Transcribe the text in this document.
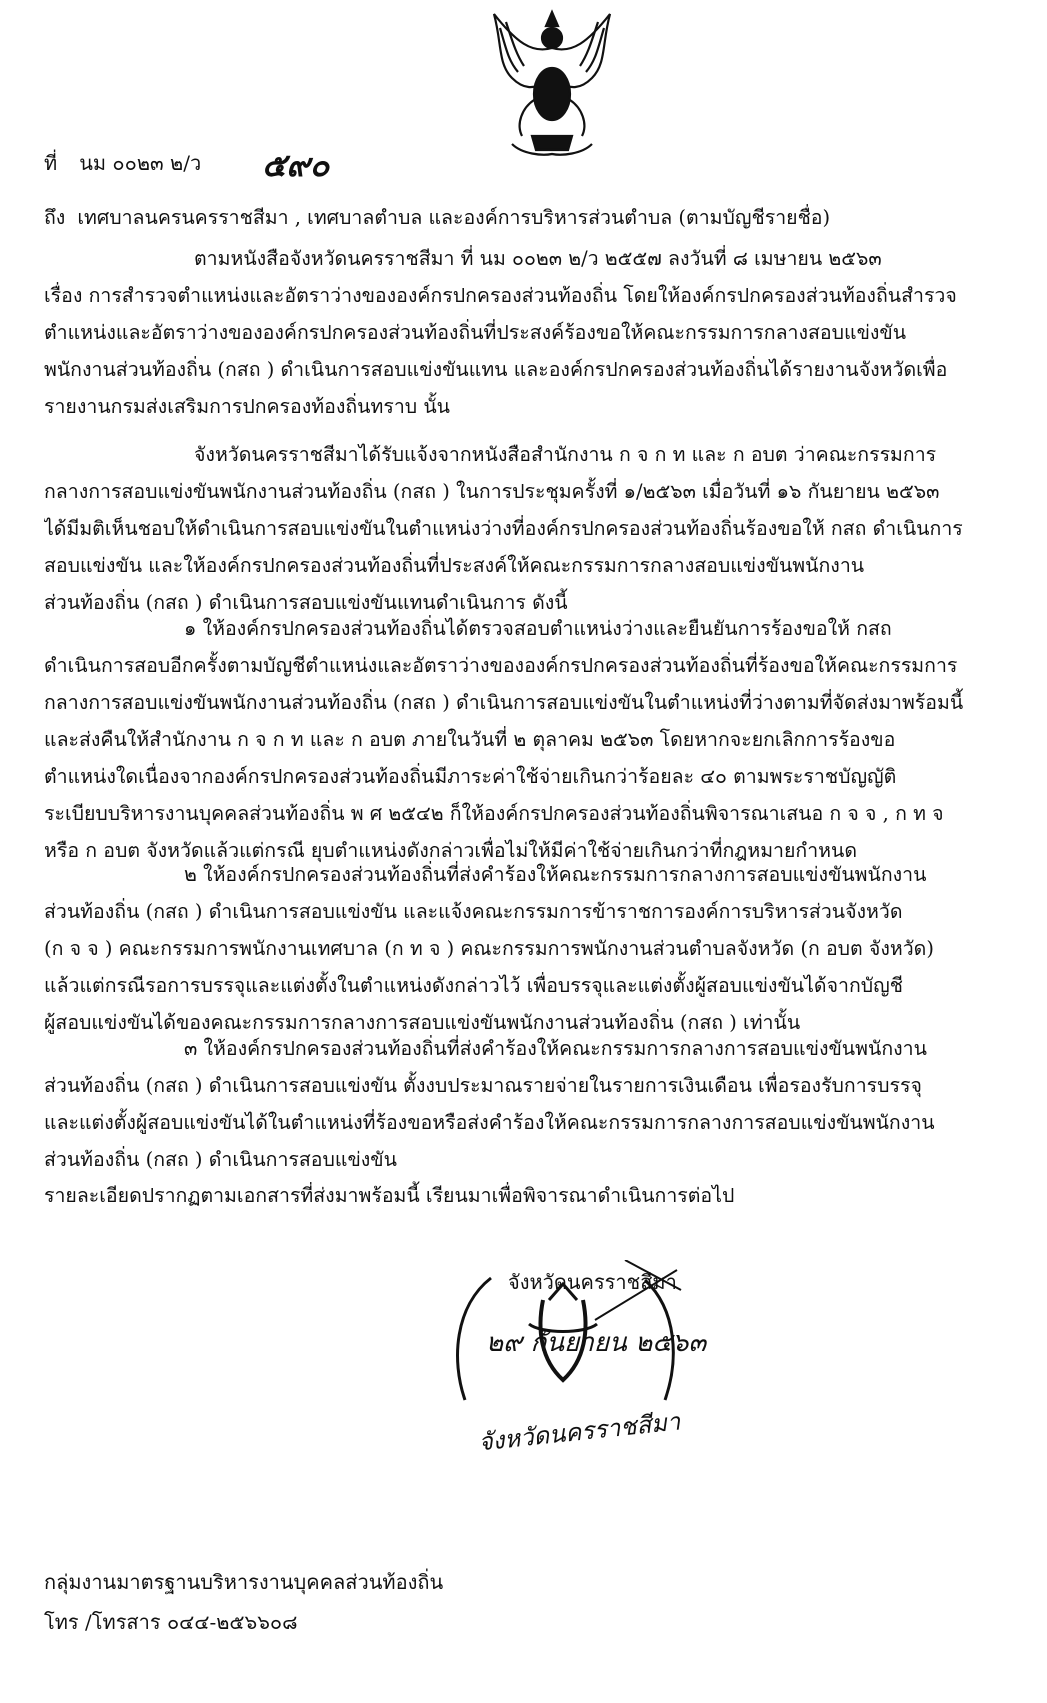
ที่ นม ๐๐๒๓ ๒/ว ๕๙๐
ถึง เทศบาลนครนครราชสีมา , เทศบาลตำบล และองค์การบริหารส่วนตำบล (ตามบัญชีรายชื่อ)
ตามหนังสือจังหวัดนครราชสีมา ที่ นม ๐๐๒๓ ๒/ว ๒๕๕๗ ลงวันที่ ๘ เมษายน ๒๕๖๓
เรื่อง การสำรวจตำแหน่งและอัตราว่างขององค์กรปกครองส่วนท้องถิ่น โดยให้องค์กรปกครองส่วนท้องถิ่นสำรวจ
ตำแหน่งและอัตราว่างขององค์กรปกครองส่วนท้องถิ่นที่ประสงค์ร้องขอให้คณะกรรมการกลางสอบแข่งขัน
พนักงานส่วนท้องถิ่น (กสถ ) ดำเนินการสอบแข่งขันแทน และองค์กรปกครองส่วนท้องถิ่นได้รายงานจังหวัดเพื่อ
รายงานกรมส่งเสริมการปกครองท้องถิ่นทราบ นั้น
จังหวัดนครราชสีมาได้รับแจ้งจากหนังสือสำนักงาน ก จ ก ท และ ก อบต ว่าคณะกรรมการ
กลางการสอบแข่งขันพนักงานส่วนท้องถิ่น (กสถ ) ในการประชุมครั้งที่ ๑/๒๕๖๓ เมื่อวันที่ ๑๖ กันยายน ๒๕๖๓
ได้มีมติเห็นชอบให้ดำเนินการสอบแข่งขันในตำแหน่งว่างที่องค์กรปกครองส่วนท้องถิ่นร้องขอให้ กสถ ดำเนินการ
สอบแข่งขัน และให้องค์กรปกครองส่วนท้องถิ่นที่ประสงค์ให้คณะกรรมการกลางสอบแข่งขันพนักงาน
ส่วนท้องถิ่น (กสถ ) ดำเนินการสอบแข่งขันแทนดำเนินการ ดังนี้
๑ ให้องค์กรปกครองส่วนท้องถิ่นได้ตรวจสอบตำแหน่งว่างและยืนยันการร้องขอให้ กสถ
ดำเนินการสอบอีกครั้งตามบัญชีตำแหน่งและอัตราว่างขององค์กรปกครองส่วนท้องถิ่นที่ร้องขอให้คณะกรรมการ
กลางการสอบแข่งขันพนักงานส่วนท้องถิ่น (กสถ ) ดำเนินการสอบแข่งขันในตำแหน่งที่ว่างตามที่จัดส่งมาพร้อมนี้
และส่งคืนให้สำนักงาน ก จ ก ท และ ก อบต ภายในวันที่ ๒ ตุลาคม ๒๕๖๓ โดยหากจะยกเลิกการร้องขอ
ตำแหน่งใดเนื่องจากองค์กรปกครองส่วนท้องถิ่นมีภาระค่าใช้จ่ายเกินกว่าร้อยละ ๔๐ ตามพระราชบัญญัติ
ระเบียบบริหารงานบุคคลส่วนท้องถิ่น พ ศ ๒๕๔๒ ก็ให้องค์กรปกครองส่วนท้องถิ่นพิจารณาเสนอ ก จ จ , ก ท จ
หรือ ก อบต จังหวัดแล้วแต่กรณี ยุบตำแหน่งดังกล่าวเพื่อไม่ให้มีค่าใช้จ่ายเกินกว่าที่กฎหมายกำหนด
๒ ให้องค์กรปกครองส่วนท้องถิ่นที่ส่งคำร้องให้คณะกรรมการกลางการสอบแข่งขันพนักงาน
ส่วนท้องถิ่น (กสถ ) ดำเนินการสอบแข่งขัน และแจ้งคณะกรรมการข้าราชการองค์การบริหารส่วนจังหวัด
(ก จ จ ) คณะกรรมการพนักงานเทศบาล (ก ท จ ) คณะกรรมการพนักงานส่วนตำบลจังหวัด (ก อบต จังหวัด)
แล้วแต่กรณีรอการบรรจุและแต่งตั้งในตำแหน่งดังกล่าวไว้ เพื่อบรรจุและแต่งตั้งผู้สอบแข่งขันได้จากบัญชี
ผู้สอบแข่งขันได้ของคณะกรรมการกลางการสอบแข่งขันพนักงานส่วนท้องถิ่น (กสถ ) เท่านั้น
๓ ให้องค์กรปกครองส่วนท้องถิ่นที่ส่งคำร้องให้คณะกรรมการกลางการสอบแข่งขันพนักงาน
ส่วนท้องถิ่น (กสถ ) ดำเนินการสอบแข่งขัน ตั้งงบประมาณรายจ่ายในรายการเงินเดือน เพื่อรองรับการบรรจุ
และแต่งตั้งผู้สอบแข่งขันได้ในตำแหน่งที่ร้องขอหรือส่งคำร้องให้คณะกรรมการกลางการสอบแข่งขันพนักงาน
ส่วนท้องถิ่น (กสถ ) ดำเนินการสอบแข่งขัน
รายละเอียดปรากฏตามเอกสารที่ส่งมาพร้อมนี้ เรียนมาเพื่อพิจารณาดำเนินการต่อไป
จังหวัดนครราชสีมา
๒๙ กันยายน ๒๕๖๓
จังหวัดนครราชสีมา
กลุ่มงานมาตรฐานบริหารงานบุคคลส่วนท้องถิ่น
โทร /โทรสาร ๐๔๔-๒๕๖๖๐๘
